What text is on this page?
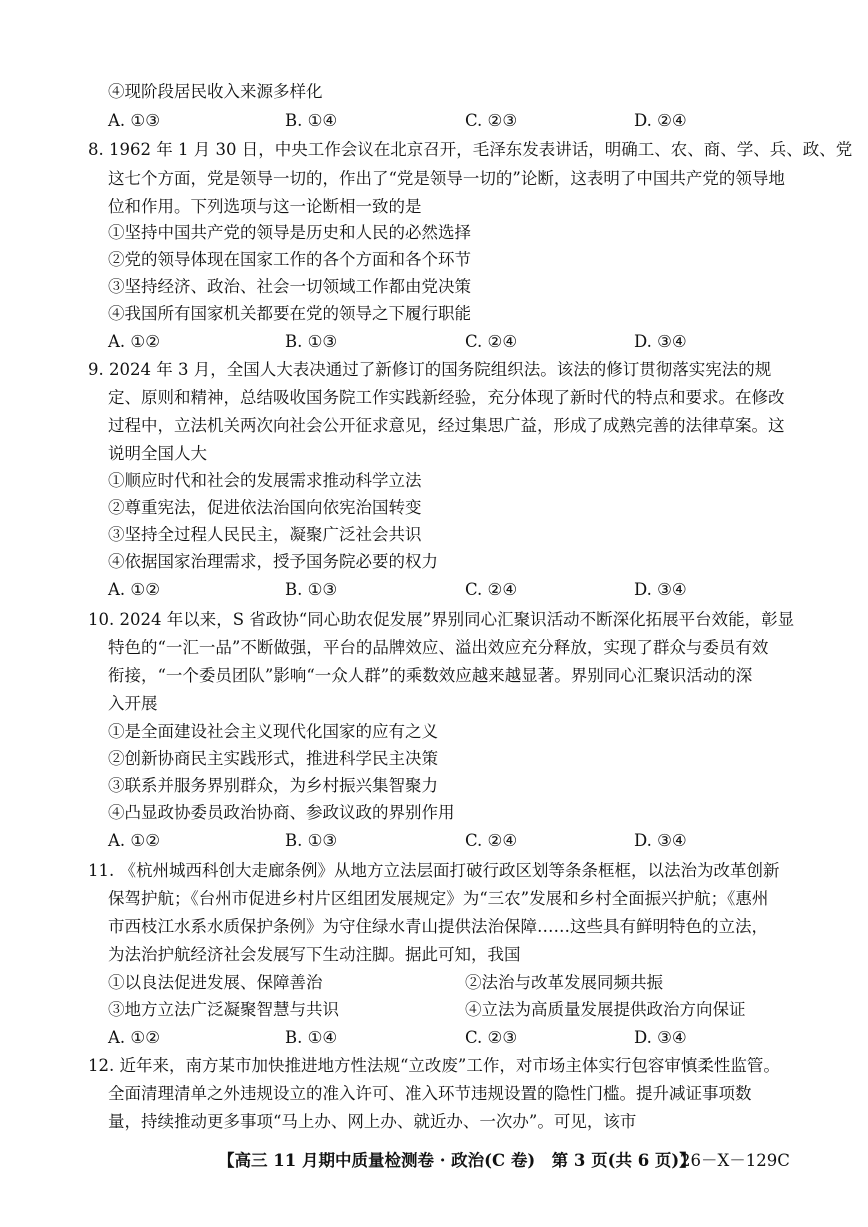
④现阶段居民收入来源多样化
A. ①③	B. ①④	C. ②③	D. ②④
8. 1962 年 1 月 30 日，中央工作会议在北京召开，毛泽东发表讲话，明确工、农、商、学、兵、政、党
这七个方面，党是领导一切的，作出了“党是领导一切的”论断，这表明了中国共产党的领导地
位和作用。下列选项与这一论断相一致的是
①坚持中国共产党的领导是历史和人民的必然选择
②党的领导体现在国家工作的各个方面和各个环节
③坚持经济、政治、社会一切领域工作都由党决策
④我国所有国家机关都要在党的领导之下履行职能
A. ①②	B. ①③	C. ②④	D. ③④
9. 2024 年 3 月，全国人大表决通过了新修订的国务院组织法。该法的修订贯彻落实宪法的规
定、原则和精神，总结吸收国务院工作实践新经验，充分体现了新时代的特点和要求。在修改
过程中，立法机关两次向社会公开征求意见，经过集思广益，形成了成熟完善的法律草案。这
说明全国人大
①顺应时代和社会的发展需求推动科学立法
②尊重宪法，促进依法治国向依宪治国转变
③坚持全过程人民民主，凝聚广泛社会共识
④依据国家治理需求，授予国务院必要的权力
A. ①②	B. ①③	C. ②④	D. ③④
10. 2024 年以来，S 省政协“同心助农促发展”界别同心汇聚识活动不断深化拓展平台效能，彰显
特色的“一汇一品”不断做强，平台的品牌效应、溢出效应充分释放，实现了群众与委员有效
衔接，“一个委员团队”影响“一众人群”的乘数效应越来越显著。界别同心汇聚识活动的深
入开展
①是全面建设社会主义现代化国家的应有之义
②创新协商民主实践形式，推进科学民主决策
③联系并服务界别群众，为乡村振兴集智聚力
④凸显政协委员政治协商、参政议政的界别作用
A. ①②	B. ①③	C. ②④	D. ③④
11. 《杭州城西科创大走廊条例》从地方立法层面打破行政区划等条条框框，以法治为改革创新
保驾护航；《台州市促进乡村片区组团发展规定》为“三农”发展和乡村全面振兴护航；《惠州
市西枝江水系水质保护条例》为守住绿水青山提供法治保障……这些具有鲜明特色的立法，
为法治护航经济社会发展写下生动注脚。据此可知，我国
①以良法促进发展、保障善治	②法治与改革发展同频共振
③地方立法广泛凝聚智慧与共识	④立法为高质量发展提供政治方向保证
A. ①②	B. ①④	C. ②③	D. ③④
12. 近年来，南方某市加快推进地方性法规“立改废”工作，对市场主体实行包容审慎柔性监管。
全面清理清单之外违规设立的准入许可、准入环节违规设置的隐性门槛。提升减证事项数
量，持续推动更多事项“马上办、网上办、就近办、一次办”。可见，该市
【高三 11 月期中质量检测卷 · 政治(C 卷)　第 3 页(共 6 页)】
26－X－129C
